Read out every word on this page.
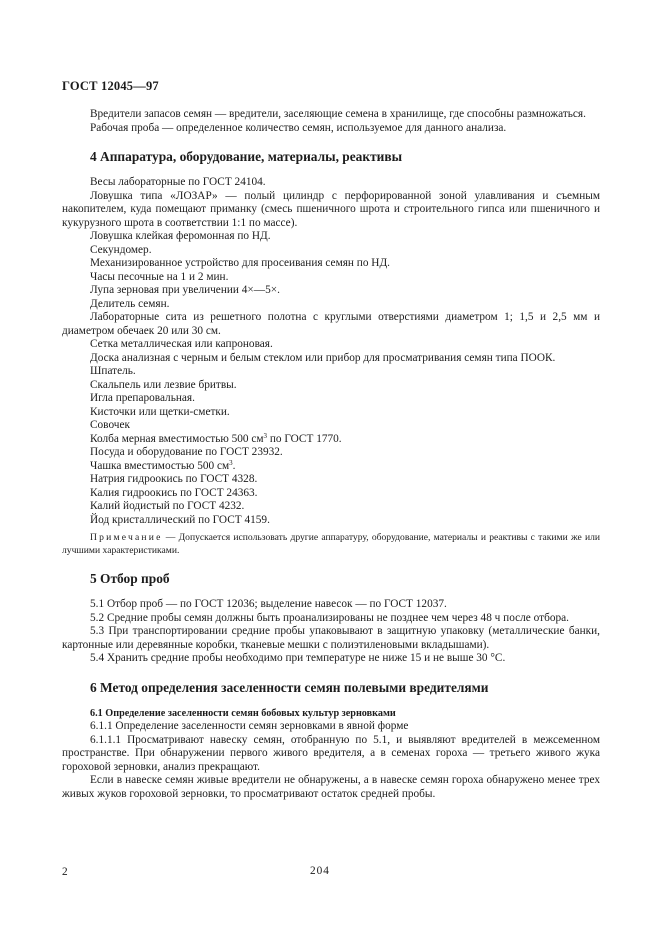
ГОСТ 12045—97

Вредители запасов семян — вредители, заселяющие семена в хранилище, где способны размножаться.

Рабочая проба — определенное количество семян, используемое для данного анализа.

4 Аппаратура, оборудование, материалы, реактивы

Весы лабораторные по ГОСТ 24104.

Ловушка типа «ЛОЗАР» — полый цилиндр с перфорированной зоной улавливания и съемным накопителем, куда помещают приманку (смесь пшеничного шрота и строительного гипса или пшеничного и кукурузного шрота в соответствии 1:1 по массе).

Ловушка клейкая феромонная по НД.

Секундомер.

Механизированное устройство для просеивания семян по НД.

Часы песочные на 1 и 2 мин.

Лупа зерновая при увеличении 4×—5×.

Делитель семян.

Лабораторные сита из решетного полотна с круглыми отверстиями диаметром 1; 1,5 и 2,5 мм и диаметром обечаек 20 или 30 см.

Сетка металлическая или капроновая.

Доска анализная с черным и белым стеклом или прибор для просматривания семян типа ПООК.

Шпатель.

Скальпель или лезвие бритвы.

Игла препаровальная.

Кисточки или щетки-сметки.

Совочек

Колба мерная вместимостью 500 $см^3$ по ГОСТ 1770.

Посуда и оборудование по ГОСТ 23932.

Чашка вместимостью 500 $см^3$.

Натрия гидроокись по ГОСТ 4328.

Калия гидроокись по ГОСТ 24363.

Калий йодистый по ГОСТ 4232.

Йод кристаллический по ГОСТ 4159.

Примечание — Допускается использовать другие аппаратуру, оборудование, материалы и реактивы с такими же или лучшими характеристиками.

5 Отбор проб

5.1 Отбор проб — по ГОСТ 12036; выделение навесок — по ГОСТ 12037.

5.2 Средние пробы семян должны быть проанализированы не позднее чем через 48 ч после отбора.

5.3 При транспортировании средние пробы упаковывают в защитную упаковку (металлические банки, картонные или деревянные коробки, тканевые мешки с полиэтиленовыми вкладышами).

5.4 Хранить средние пробы необходимо при температуре не ниже 15 и не выше 30 °С.

6 Метод определения заселенности семян полевыми вредителями
6.1 Определение заселенности семян бобовых культур зерновками

6.1.1 Определение заселенности семян зерновками в явной форме

6.1.1.1 Просматривают навеску семян, отобранную по 5.1, и выявляют вредителей в межсеменном пространстве. При обнаружении первого живого вредителя, а в семенах гороха — третьего живого жука гороховой зерновки, анализ прекращают.

Если в навеске семян живые вредители не обнаружены, а в навеске семян гороха обнаружено менее трех живых жуков гороховой зерновки, то просматривают остаток средней пробы.

2	204
